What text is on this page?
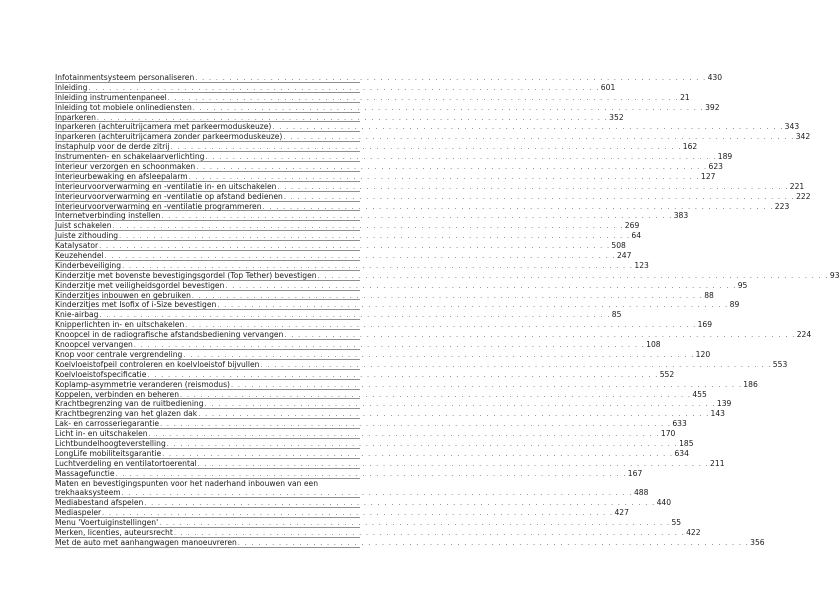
Infotainmentsysteem personaliseren . . . . . . . . . . . . . . . . . . . . . . . . . . . . . . . . . . . . . . . . . . . . . . . . . . . . . . . . . . . . . . . . . . . . . . . . . . . 430
Inleiding . . . . . . . . . . . . . . . . . . . . . . . . . . . . . . . . . . . . . . . . . . . . . . . . . . . . . . . . . . . . . . . . . . . . . . . . . . . 601
Inleiding instrumentenpaneel . . . . . . . . . . . . . . . . . . . . . . . . . . . . . . . . . . . . . . . . . . . . . . . . . . . . . . . . . . . . . . . . . . . . . . . . . . . 21
Inleiding tot mobiele onlinediensten . . . . . . . . . . . . . . . . . . . . . . . . . . . . . . . . . . . . . . . . . . . . . . . . . . . . . . . . . . . . . . . . . . . . . . . . . . . 392
Inparkeren . . . . . . . . . . . . . . . . . . . . . . . . . . . . . . . . . . . . . . . . . . . . . . . . . . . . . . . . . . . . . . . . . . . . . . . . . . . 352
Inparkeren (achteruitrijcamera met parkeermoduskeuze) . . . . . . . . . . . . . . . . . . . . . . . . . . . . . . . . . . . . . . . . . . . . . . . . . . . . . . . . . . . . . . . . . . . . . . . . . . . 343
Inparkeren (achteruitrijcamera zonder parkeermoduskeuze) . . . . . . . . . . . . . . . . . . . . . . . . . . . . . . . . . . . . . . . . . . . . . . . . . . . . . . . . . . . . . . . . . . . . . . . . . . . 342
Instaphulp voor de derde zitrij . . . . . . . . . . . . . . . . . . . . . . . . . . . . . . . . . . . . . . . . . . . . . . . . . . . . . . . . . . . . . . . . . . . . . . . . . . . 162
Instrumenten- en schakelaarverlichting . . . . . . . . . . . . . . . . . . . . . . . . . . . . . . . . . . . . . . . . . . . . . . . . . . . . . . . . . . . . . . . . . . . . . . . . . . . 189
Interieur verzorgen en schoonmaken . . . . . . . . . . . . . . . . . . . . . . . . . . . . . . . . . . . . . . . . . . . . . . . . . . . . . . . . . . . . . . . . . . . . . . . . . . . 623
Interieurbewaking en afsleepalarm . . . . . . . . . . . . . . . . . . . . . . . . . . . . . . . . . . . . . . . . . . . . . . . . . . . . . . . . . . . . . . . . . . . . . . . . . . . 127
Interieurvoorverwarming en -ventilatie in- en uitschakelen . . . . . . . . . . . . . . . . . . . . . . . . . . . . . . . . . . . . . . . . . . . . . . . . . . . . . . . . . . . . . . . . . . . . . . . . . . . 221
Interieurvoorverwarming en -ventilatie op afstand bedienen . . . . . . . . . . . . . . . . . . . . . . . . . . . . . . . . . . . . . . . . . . . . . . . . . . . . . . . . . . . . . . . . . . . . . . . . . . . 222
Interieurvoorverwarming en -ventilatie programmeren . . . . . . . . . . . . . . . . . . . . . . . . . . . . . . . . . . . . . . . . . . . . . . . . . . . . . . . . . . . . . . . . . . . . . . . . . . . 223
Internetverbinding instellen . . . . . . . . . . . . . . . . . . . . . . . . . . . . . . . . . . . . . . . . . . . . . . . . . . . . . . . . . . . . . . . . . . . . . . . . . . . 383
Juist schakelen . . . . . . . . . . . . . . . . . . . . . . . . . . . . . . . . . . . . . . . . . . . . . . . . . . . . . . . . . . . . . . . . . . . . . . . . . . . 269
Juiste zithouding . . . . . . . . . . . . . . . . . . . . . . . . . . . . . . . . . . . . . . . . . . . . . . . . . . . . . . . . . . . . . . . . . . . . . . . . . . . 64
Katalysator . . . . . . . . . . . . . . . . . . . . . . . . . . . . . . . . . . . . . . . . . . . . . . . . . . . . . . . . . . . . . . . . . . . . . . . . . . . 508
Keuzehendel . . . . . . . . . . . . . . . . . . . . . . . . . . . . . . . . . . . . . . . . . . . . . . . . . . . . . . . . . . . . . . . . . . . . . . . . . . . 247
Kinderbeveiliging . . . . . . . . . . . . . . . . . . . . . . . . . . . . . . . . . . . . . . . . . . . . . . . . . . . . . . . . . . . . . . . . . . . . . . . . . . . 123
Kinderzitje met bovenste bevestigingsgordel (Top Tether) bevestigen . . . . . . . . . . . . . . . . . . . . . . . . . . . . . . . . . . . . . . . . . . . . . . . . . . . . . . . . . . . . . . . . . . . . . . . . . . . 93
Kinderzitje met veiligheidsgordel bevestigen . . . . . . . . . . . . . . . . . . . . . . . . . . . . . . . . . . . . . . . . . . . . . . . . . . . . . . . . . . . . . . . . . . . . . . . . . . . 95
Kinderzitjes inbouwen en gebruiken . . . . . . . . . . . . . . . . . . . . . . . . . . . . . . . . . . . . . . . . . . . . . . . . . . . . . . . . . . . . . . . . . . . . . . . . . . . 88
Kinderzitjes met Isofix of i-Size bevestigen . . . . . . . . . . . . . . . . . . . . . . . . . . . . . . . . . . . . . . . . . . . . . . . . . . . . . . . . . . . . . . . . . . . . . . . . . . . 89
Knie-airbag . . . . . . . . . . . . . . . . . . . . . . . . . . . . . . . . . . . . . . . . . . . . . . . . . . . . . . . . . . . . . . . . . . . . . . . . . . . 85
Knipperlichten in- en uitschakelen . . . . . . . . . . . . . . . . . . . . . . . . . . . . . . . . . . . . . . . . . . . . . . . . . . . . . . . . . . . . . . . . . . . . . . . . . . . 169
Knoopcel in de radiografische afstandsbediening vervangen . . . . . . . . . . . . . . . . . . . . . . . . . . . . . . . . . . . . . . . . . . . . . . . . . . . . . . . . . . . . . . . . . . . . . . . . . . . 224
Knoopcel vervangen . . . . . . . . . . . . . . . . . . . . . . . . . . . . . . . . . . . . . . . . . . . . . . . . . . . . . . . . . . . . . . . . . . . . . . . . . . . 108
Knop voor centrale vergrendeling . . . . . . . . . . . . . . . . . . . . . . . . . . . . . . . . . . . . . . . . . . . . . . . . . . . . . . . . . . . . . . . . . . . . . . . . . . . 120
Koelvloeistofpeil controleren en koelvloeistof bijvullen . . . . . . . . . . . . . . . . . . . . . . . . . . . . . . . . . . . . . . . . . . . . . . . . . . . . . . . . . . . . . . . . . . . . . . . . . . . 553
Koelvloeistofspecificatie . . . . . . . . . . . . . . . . . . . . . . . . . . . . . . . . . . . . . . . . . . . . . . . . . . . . . . . . . . . . . . . . . . . . . . . . . . . 552
Koplamp-asymmetrie veranderen (reismodus) . . . . . . . . . . . . . . . . . . . . . . . . . . . . . . . . . . . . . . . . . . . . . . . . . . . . . . . . . . . . . . . . . . . . . . . . . . . 186
Koppelen, verbinden en beheren . . . . . . . . . . . . . . . . . . . . . . . . . . . . . . . . . . . . . . . . . . . . . . . . . . . . . . . . . . . . . . . . . . . . . . . . . . . 455
Krachtbegrenzing van de ruitbediening . . . . . . . . . . . . . . . . . . . . . . . . . . . . . . . . . . . . . . . . . . . . . . . . . . . . . . . . . . . . . . . . . . . . . . . . . . . 139
Krachtbegrenzing van het glazen dak . . . . . . . . . . . . . . . . . . . . . . . . . . . . . . . . . . . . . . . . . . . . . . . . . . . . . . . . . . . . . . . . . . . . . . . . . . . 143
Lak- en carrosseriegarantie . . . . . . . . . . . . . . . . . . . . . . . . . . . . . . . . . . . . . . . . . . . . . . . . . . . . . . . . . . . . . . . . . . . . . . . . . . . 633
Licht in- en uitschakelen . . . . . . . . . . . . . . . . . . . . . . . . . . . . . . . . . . . . . . . . . . . . . . . . . . . . . . . . . . . . . . . . . . . . . . . . . . . 170
Lichtbundelhoogteverstelling . . . . . . . . . . . . . . . . . . . . . . . . . . . . . . . . . . . . . . . . . . . . . . . . . . . . . . . . . . . . . . . . . . . . . . . . . . . 185
LongLife mobiliteitsgarantie . . . . . . . . . . . . . . . . . . . . . . . . . . . . . . . . . . . . . . . . . . . . . . . . . . . . . . . . . . . . . . . . . . . . . . . . . . . 634
Luchtverdeling en ventilatortoerental . . . . . . . . . . . . . . . . . . . . . . . . . . . . . . . . . . . . . . . . . . . . . . . . . . . . . . . . . . . . . . . . . . . . . . . . . . . 211
Massagefunctie . . . . . . . . . . . . . . . . . . . . . . . . . . . . . . . . . . . . . . . . . . . . . . . . . . . . . . . . . . . . . . . . . . . . . . . . . . . 167
Maten en bevestigingspunten voor het naderhand inbouwen van een
trekhaaksysteem . . . . . . . . . . . . . . . . . . . . . . . . . . . . . . . . . . . . . . . . . . . . . . . . . . . . . . . . . . . . . . . . . . . . . . . . . . . 488
Mediabestand afspelen . . . . . . . . . . . . . . . . . . . . . . . . . . . . . . . . . . . . . . . . . . . . . . . . . . . . . . . . . . . . . . . . . . . . . . . . . . . 440
Mediaspeler . . . . . . . . . . . . . . . . . . . . . . . . . . . . . . . . . . . . . . . . . . . . . . . . . . . . . . . . . . . . . . . . . . . . . . . . . . . 427
Menu 'Voertuiginstellingen' . . . . . . . . . . . . . . . . . . . . . . . . . . . . . . . . . . . . . . . . . . . . . . . . . . . . . . . . . . . . . . . . . . . . . . . . . . . 55
Merken, licenties, auteursrecht . . . . . . . . . . . . . . . . . . . . . . . . . . . . . . . . . . . . . . . . . . . . . . . . . . . . . . . . . . . . . . . . . . . . . . . . . . . 422
Met de auto met aanhangwagen manoeuvreren . . . . . . . . . . . . . . . . . . . . . . . . . . . . . . . . . . . . . . . . . . . . . . . . . . . . . . . . . . . . . . . . . . . . . . . . . . . 356
